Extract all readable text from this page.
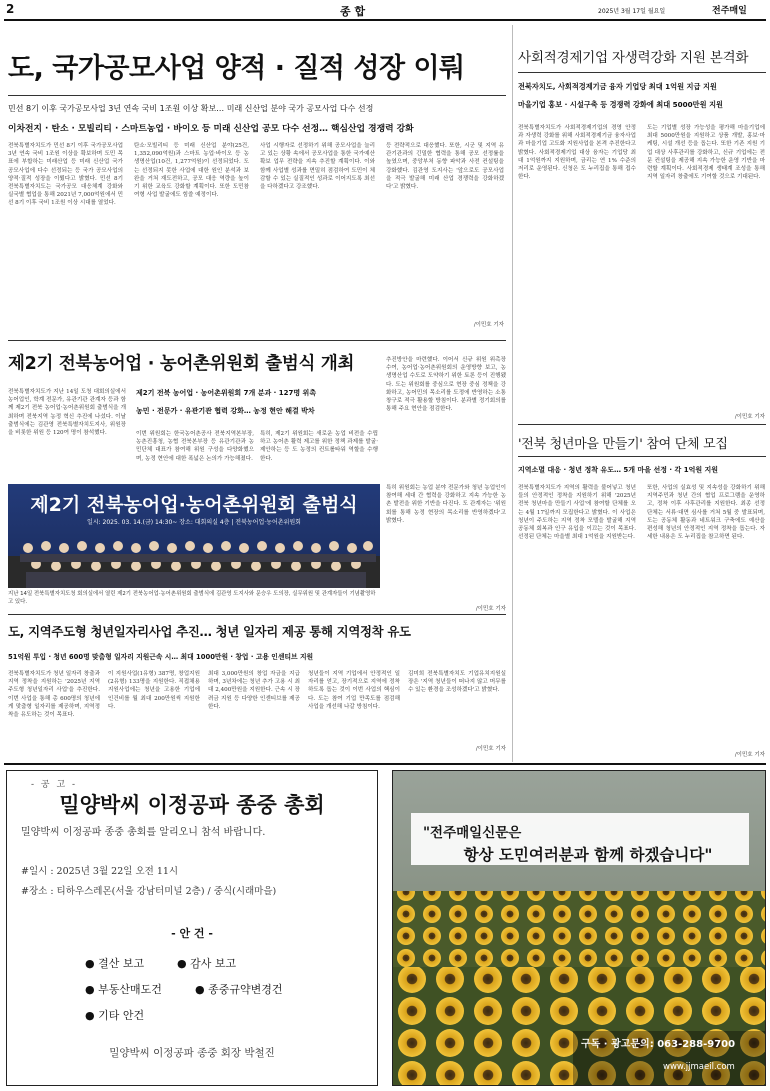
2	종 합	2025년 3월 17일 월요일	전주매일
도, 국가공모사업 양적 · 질적 성장 이뤄
민선 8기 이후 국가공모사업 3년 연속 국비 1조원 이상 확보… 미래 신산업 분야 국가 공모사업 다수 선정
이차전지 · 탄소 · 모빌리티 · 스마트농업 · 바이오 등 미래 신산업 공모 다수 선정… 핵심산업 경쟁력 강화
전북특별자치도가 민선 8기 이후 국가공모사업 3년 연속 국비 1조원 이상을 확보하며 도민 목표에 부합하는 미래산업 등 미래 신산업 국가 공모사업에 다수 선정되는 등 국가 공모사업의 양적·질적 성장을 이뤘다고 밝혔다. 민선 8기 전북특별자치도는 국가공모 대응체계 강화와 실국별 협업을 통해 2021년 7,000억원에서 민선 8기 이후 국비 1조원 이상 시대를 열었다.
탄소·모빌리티 등 미래 신산업 분야(25건, 1,352,090억원)과 스마트 농업·바이오 등 농생명산업(10건, 1,277억원)이 선정되었다. 도는 선정되지 못한 사업에 대한 원인 분석과 보완을 거쳐 재도전하고, 공모 대응 역량을 높이기 위한 교육도 강화할 계획이다. 또한 도민참여형 사업 발굴에도 힘쓸 예정이다.
사업 시행자로 선정하기 위해 공모사업을 늘리고 있는 상황 속에서 공모사업을 통한 국가예산 확보 업무 전략을 지속 추진할 계획이다. 이와 함께 사업별 성과를 면밀히 점검하여 도민이 체감할 수 있는 실질적인 성과로 이어지도록 최선을 다하겠다고 강조했다.
등 전략적으로 대응했다. 또한, 시군 및 지역 유관기관과의 긴밀한 협력을 통해 공모 선정률을 높였으며, 중앙부처 동향 파악과 사전 컨설팅을 강화했다. 김관영 도지사는 '앞으로도 공모사업을 적극 발굴해 미래 산업 경쟁력을 강화하겠다'고 밝혔다.
/이민호 기자
사회적경제기업 자생력강화 지원 본격화
전북자치도, 사회적경제기금 융자 기업당 최대 1억원 지급 지원
마을기업 홍보 · 시설구축 등 경쟁력 강화에 최대 5000만원 지원
전북특별자치도가 사회적경제기업의 경영 안정과 자생력 강화를 위해 사회적경제기금 융자사업과 마을기업 고도화 지원사업을 본격 추진한다고 밝혔다. 사회적경제기업 대상 융자는 기업당 최대 1억원까지 지원하며, 금리는 연 1% 수준의 저리로 운영된다. 신청은 도 누리집을 통해 접수한다.
도는 기업별 성장 가능성을 평가해 마을기업에 최대 5000만원을 지원하고 상품 개발, 홍보·마케팅, 시설 개선 등을 돕는다. 또한 기존 지원 기업 대상 사후관리를 강화하고, 신규 기업에는 전문 컨설팅을 제공해 지속 가능한 운영 기반을 마련할 계획이다. 사회적경제 생태계 조성을 통해 지역 일자리 창출에도 기여할 것으로 기대된다.
/이민호 기자
제2기 전북농어업 · 농어촌위원회 출범식 개최
전북특별자치도가 지난 14일 도청 대회의실에서 농어업인, 학계 전문가, 유관기관 관계자 등과 함께 제2기 전북 농어업·농어촌위원회 출범식을 개최하며 전북지역 농정 혁신 추진에 나섰다. 이날 출범식에는 김관영 전북특별자치도지사, 위원장을 비롯한 위원 등 120여 명이 참석했다.
제2기 전북 농어업 · 농어촌위원회 7개 분과 · 127명 위촉
농민 · 전문가 · 유관기관 협력 강화… 농정 현안 해결 박차
이번 위원회는 한국농어촌공사 전북지역본부장, 농촌진흥청, 농협 전북본부장 등 유관기관과 농민단체 대표가 참여해 위원 구성을 다양화했으며, 농정 현안에 대한 폭넓은 논의가 가능해졌다.
특히, 제2기 위원회는 새로운 농업 비전을 수립하고 농어촌 활력 제고를 위한 정책 과제를 발굴·제안하는 등 도 농정의 컨트롤타워 역할을 수행한다.
추진방안을 마련했다. 이어서 신규 위원 위촉장 수여, 농어업·농어촌위원회의 운영방향 보고, 농생명산업 수도로 도약하기 위한 토론 등이 진행됐다. 도는 위원회를 중심으로 현장 중심 정책을 강화하고, 농어민의 목소리를 도정에 반영하는 소통 창구로 적극 활용할 방침이다. 분과별 정기회의를 통해 주요 현안을 점검한다.
제2기 전북농어업·농어촌위원회 출범식
일시: 2025. 03. 14.(금) 14:30~ 장소: 대회의실 4층 | 전북농어업·농어촌위원회
지난 14일 전북특별자치도청 회의실에서 열린 제2기 전북농어업·농어촌위원회 출범식에 김관영 도지사와 문승우 도의장, 실무위원 및 관계자들이 기념촬영하고 있다.
특히 위원회는 농업 분야 전문가와 청년 농업인이 참여해 세대 간 협력을 강화하고 지속 가능한 농촌 발전을 위한 기반을 다진다. 도 관계자는 '위원회를 통해 농정 현장의 목소리를 반영하겠다'고 밝혔다.
/이민호 기자
'전북 청년마을 만들기' 참여 단체 모집
지역소멸 대응 · 청년 정착 유도… 5개 마을 선정 · 각 1억원 지원
전북특별자치도가 지역의 활력을 불어넣고 청년들의 안정적인 정착을 지원하기 위해 '2025년 전북 청년마을 만들기 사업'에 참여할 단체를 오는 4월 17일까지 모집한다고 밝혔다. 이 사업은 청년이 주도하는 지역 정착 모델을 발굴해 지역 공동체 회복과 인구 유입을 이끄는 것이 목표다. 선정된 단체는 마을별 최대 1억원을 지원받는다.
또한, 사업의 실효성 및 지속성을 강화하기 위해 지역주민과 청년 간의 협업 프로그램을 운영하고, 정착 이후 사후관리를 지원한다. 최종 선정 단체는 서류·대면 심사를 거쳐 5월 중 발표되며, 도는 공동체 활동과 네트워크 구축에도 예산을 편성해 청년의 안정적인 지역 정착을 돕는다. 자세한 내용은 도 누리집을 참고하면 된다.
/이민호 기자
도, 지역주도형 청년일자리사업 추진… 청년 일자리 제공 통해 지역정착 유도
51억원 투입 · 청년 600명 맞춤형 일자리 지원근속 시… 최대 1000만원 · 창업 · 고용 인센티브 지원
전북특별자치도가 청년 일자리 창출과 지역 정착을 지원하는 '2025년 지역주도형 청년일자리 사업'을 추진한다. 이번 사업을 통해 총 600명의 청년에게 맞춤형 일자리를 제공하며, 지역정착을 유도하는 것이 목표다.
이 지원사업(1유형) 387명, 창업지원(2유형) 133명을 지원한다. 직접채용 지원사업에는 청년을 고용한 기업에 인건비를 월 최대 200만원씩 지원한다.
최대 3,000만원의 창업 자금을 지급하며, 3년차에는 청년 추가 고용 시 최대 2,400만원을 지원한다. 근속 시 장려금 지원 등 다양한 인센티브를 제공한다.
청년들이 지역 기업에서 안정적인 일자리를 얻고, 장기적으로 지역에 정착하도록 돕는 것이 이번 사업의 핵심이다. 도는 참여 기업 만족도를 점검해 사업을 개선해 나갈 방침이다.
김미희 전북특별자치도 기업유치지원실장은 '지역 청년들이 떠나지 않고 머무를 수 있는 환경을 조성하겠다'고 밝혔다.
/이민호 기자
- 공 고 -
밀양박씨 이정공파 종중 총회
밀양박씨 이정공파 종중 총회를 알리오니 참석 바랍니다.
#일시 : 2025년 3월 22일 오전 11시
#장소 : 티하우스레몬(서울 강남터미널 2층) / 중식(시래마을)
- 안 건 -
● 결산 보고	● 감사 보고
● 부동산매도건	● 종중규약변경건
● 기타 안건
밀양박씨 이정공파 종중 회장 박철진
"전주매일신문은
항상 도민여러분과 함께 하겠습니다"
구독 · 광고문의: 063-288-9700
www.jjmaeil.com
